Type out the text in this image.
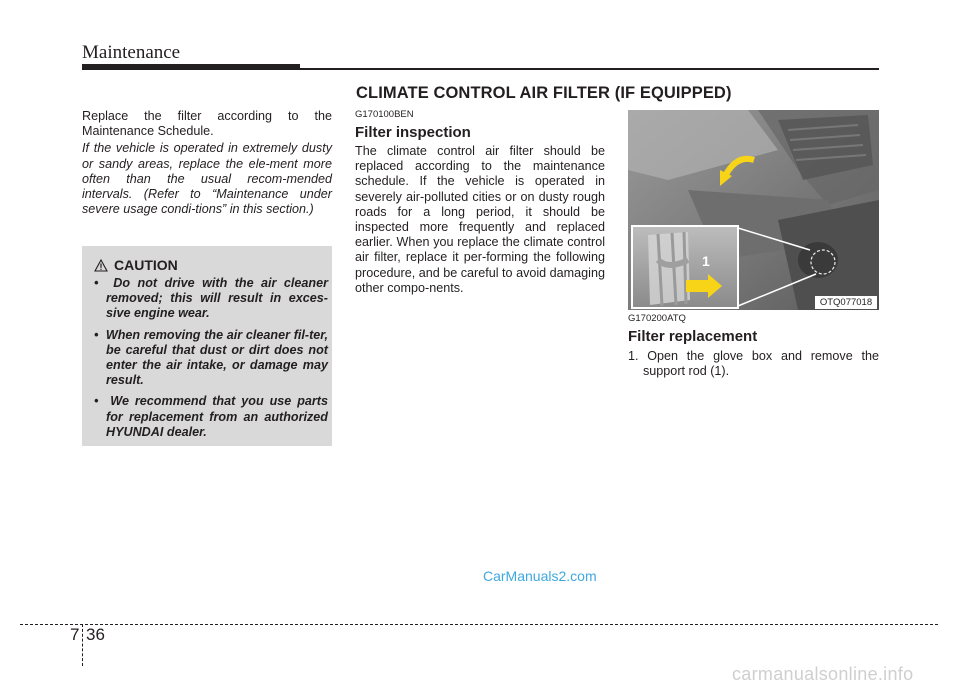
Maintenance
CLIMATE CONTROL AIR FILTER (IF EQUIPPED)

Replace the filter according to the Maintenance Schedule.

If the vehicle is operated in extremely dusty or sandy areas, replace the ele-ment more often than the usual recom-mended intervals. (Refer to “Maintenance under severe usage condi-tions” in this section.)

CAUTION
•  Do not drive with the air cleaner removed; this will result in exces-sive engine wear.
•  When removing the air cleaner fil-ter, be careful that dust or dirt does not enter the air intake, or damage may result.
•  We recommend that you use parts for replacement from an authorized HYUNDAI dealer.

G170100BEN

Filter inspection

The climate control air filter should be replaced according to the maintenance schedule. If the vehicle is operated in severely air-polluted cities or on dusty rough roads for a long period, it should be inspected more frequently and replaced earlier. When you replace the climate control air filter, replace it per-forming the following procedure, and be careful to avoid damaging other compo-nents.

1
OTQ077018

G170200ATQ

Filter replacement

1. Open the glove box and remove the support rod (1).
CarManuals2.com
7 36
carmanualsonline.info
